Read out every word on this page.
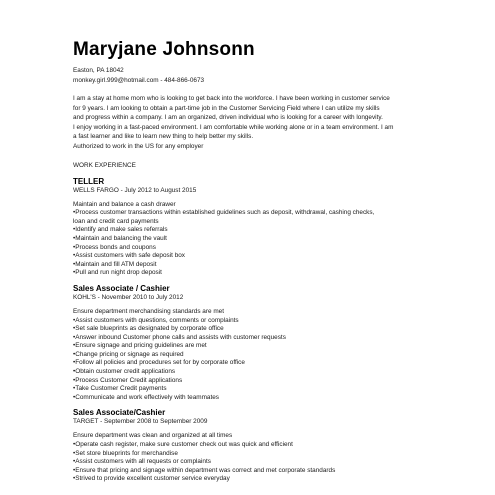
Maryjane Johnsonn
Easton, PA 18042
monkey.girl.999@hotmail.com - 484-866-0673
I am a stay at home mom who is looking to get back into the workforce. I have been working in customer service
for 9 years. I am looking to obtain a part-time job in the Customer Servicing Field where I can utilize my skills
and progress within a company. I am an organized, driven individual who is looking for a career with longevity.
I enjoy working in a fast-paced environment. I am comfortable while working alone or in a team environment. I am
a fast learner and like to learn new thing to help better my skills.
Authorized to work in the US for any employer
WORK EXPERIENCE
TELLER
WELLS FARGO - July 2012 to August 2015
Maintain and balance a cash drawer
• Process customer transactions within established guidelines such as deposit, withdrawal, cashing checks,
loan and credit card payments
• Identify and make sales referrals
• Maintain and balancing the vault
• Process bonds and coupons
• Assist customers with safe deposit box
• Maintain and fill ATM deposit
• Pull and run night drop deposit
Sales Associate / Cashier
KOHL'S - November 2010 to July 2012
Ensure department merchandising standards are met
• Assist customers with questions, comments or complaints
• Set sale blueprints as designated by corporate office
• Answer inbound Customer phone calls and assists with customer requests
• Ensure signage and pricing guidelines are met
• Change pricing or signage as required
• Follow all policies and procedures set for by corporate office
• Obtain customer credit applications
• Process Customer Credit applications
• Take Customer Credit payments
• Communicate and work effectively with teammates
Sales Associate/Cashier
TARGET - September 2008 to September 2009
Ensure department was clean and organized at all times
• Operate cash register, make sure customer check out was quick and efficient
• Set store blueprints for merchandise
• Assist customers with all requests or complaints
• Ensure that pricing and signage within department was correct and met corporate standards
• Strived to provide excellent customer service everyday
